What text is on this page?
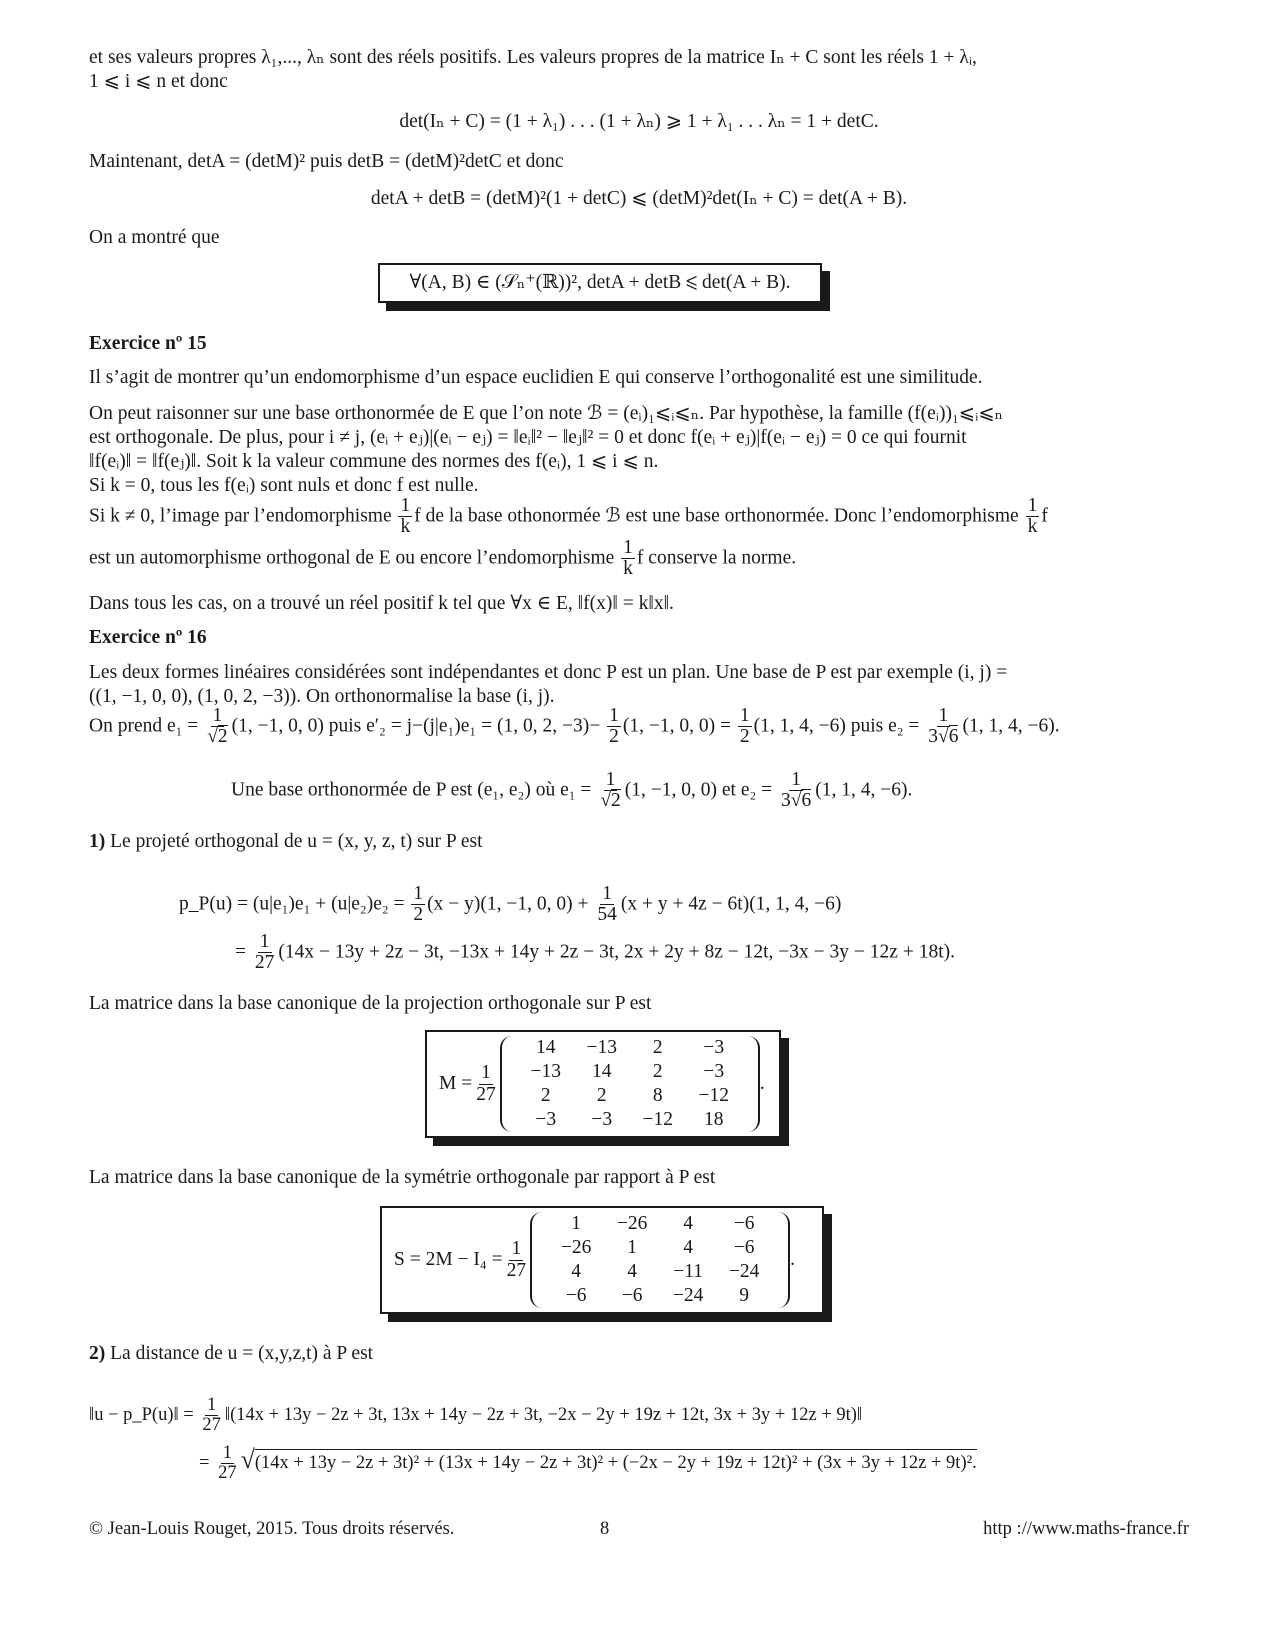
et ses valeurs propres λ₁,..., λₙ sont des réels positifs. Les valeurs propres de la matrice Iₙ + C sont les réels 1 + λᵢ,
1 ⩽ i ⩽ n et donc
det(Iₙ + C) = (1 + λ₁) . . . (1 + λₙ) ⩾ 1 + λ₁ . . . λₙ = 1 + detC.
Maintenant, detA = (detM)² puis detB = (detM)²detC et donc
detA + detB = (detM)²(1 + detC) ⩽ (detM)²det(Iₙ + C) = det(A + B).
On a montré que
∀(A, B) ∈ (𝒮ₙ⁺(ℝ))², detA + detB ⩽ det(A + B).
Exercice nº 15
Il s’agit de montrer qu’un endomorphisme d’un espace euclidien E qui conserve l’orthogonalité est une similitude.
On peut raisonner sur une base orthonormée de E que l’on note ℬ = (eᵢ)₁⩽ᵢ⩽ₙ. Par hypothèse, la famille (f(eᵢ))₁⩽ᵢ⩽ₙ
est orthogonale. De plus, pour i ≠ j, (eᵢ + eⱼ)|(eᵢ − eⱼ) = ‖eᵢ‖² − ‖eⱼ‖² = 0 et donc f(eᵢ + eⱼ)|f(eᵢ − eⱼ) = 0 ce qui fournit
‖f(eᵢ)‖ = ‖f(eⱼ)‖. Soit k la valeur commune des normes des f(eᵢ), 1 ⩽ i ⩽ n.
Si k = 0, tous les f(eᵢ) sont nuls et donc f est nulle.
Si k ≠ 0, l’image par l’endomorphisme $\frac{1}{k}$ f de la base othonormée ℬ est une base orthonormée. Donc l’endomorphisme $\frac{1}{k}$ f
est un automorphisme orthogonal de E ou encore l’endomorphisme $\frac{1}{k}$ f conserve la norme.
Dans tous les cas, on a trouvé un réel positif k tel que ∀x ∈ E, ‖f(x)‖ = k‖x‖.
Exercice nº 16
Les deux formes linéaires considérées sont indépendantes et donc P est un plan. Une base de P est par exemple (i, j) =
((1, −1, 0, 0), (1, 0, 2, −3)). On orthonormalise la base (i, j).
On prend $e_1 = \frac{1}{√2} (1$, −1, 0, 0) puis e′₂ = j−(j|e₁)e₁ = (1, 0, 2, $-3)- \frac{1}{2} (1$, −1, 0, $0) = \frac{1}{2} (1$, 1, 4, −6) puis $e_2 = \frac{1}{3√6} (1$, 1, 4, −6).
Une base orthonormée de P est (e₁, e₂) où $e_1 = \frac{1}{√2} (1$, −1, 0, 0) et $e_2 = \frac{1}{3√6} (1$, 1, 4, −6).
1) Le projeté orthogonal de u = (x, y, z, t) sur P est
p_P(u) = $(u|e_1)e_1 + (u|e_2)e_2 = \frac{1}{2} (x - y)(1$, −1, 0, $0) + \frac{1}{54} (x + y + 4z - 6t)(1$, 1, 4, −6)
= $\frac{1}{27} (14x - 13y + 2z - 3t$, −13x + 14y + 2z − 3t, 2x + 2y + 8z − 12t, −3x − 3y − 12z + 18t).
La matrice dans la base canonique de la projection orthogonale sur P est
$M = \frac{1}{27}$
14	−13	2	−3
−13	14	2	−3
2	2	8	−12
−3	−3	−12	18
.
La matrice dans la base canonique de la symétrie orthogonale par rapport à P est
$S = 2M - I_4 = \frac{1}{27}$
1	−26	4	−6
−26	1	4	−6
4	4	−11	−24
−6	−6	−24	9
.
2) La distance de u = (x,y,z,t) à P est
‖u − p_P(u)‖ = $\frac{1}{27}$ ‖(14x + 13y − 2z + 3t, 13x + 14y − 2z + 3t, −2x − 2y + 19z + 12t, 3x + 3y + 12z + 9t)‖
= $\frac{1}{27} √(14x + 13y - 2z + 3t)^2 + (13x + 14y - 2z + 3t)^2 + (-2x - 2y + 19z + 12t)^2 + (3x + 3y + 12z + 9t)^2$.
© Jean-Louis Rouget, 2015. Tous droits réservés.	8	http ://www.maths-france.fr
